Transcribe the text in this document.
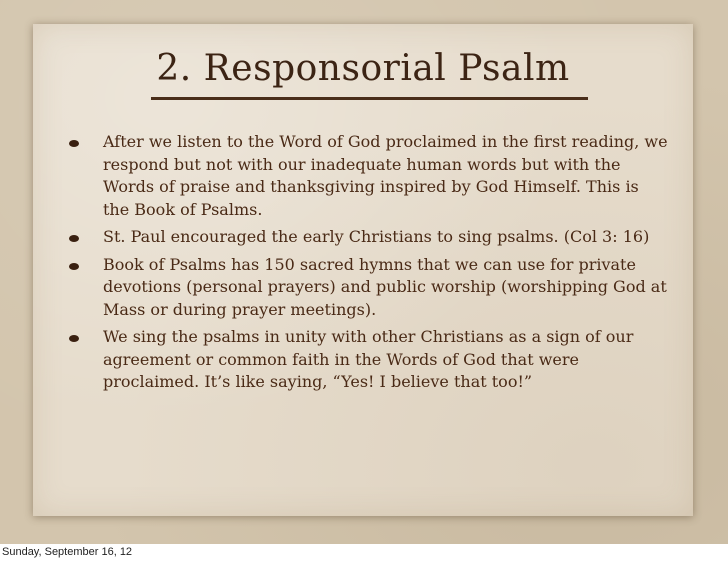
2. Responsorial Psalm
After we listen to the Word of God proclaimed in the first reading, we respond but not with our inadequate human words but with the Words of praise and thanksgiving inspired by God Himself. This is the Book of Psalms.
St. Paul encouraged the early Christians to sing psalms. (Col 3: 16)
Book of Psalms has 150 sacred hymns that we can use for private devotions (personal prayers) and public worship (worshipping God at Mass or during prayer meetings).
We sing the psalms in unity with other Christians as a sign of our agreement or common faith in the Words of God that were proclaimed. It’s like saying, “Yes! I believe that too!”
Sunday, September 16, 12
